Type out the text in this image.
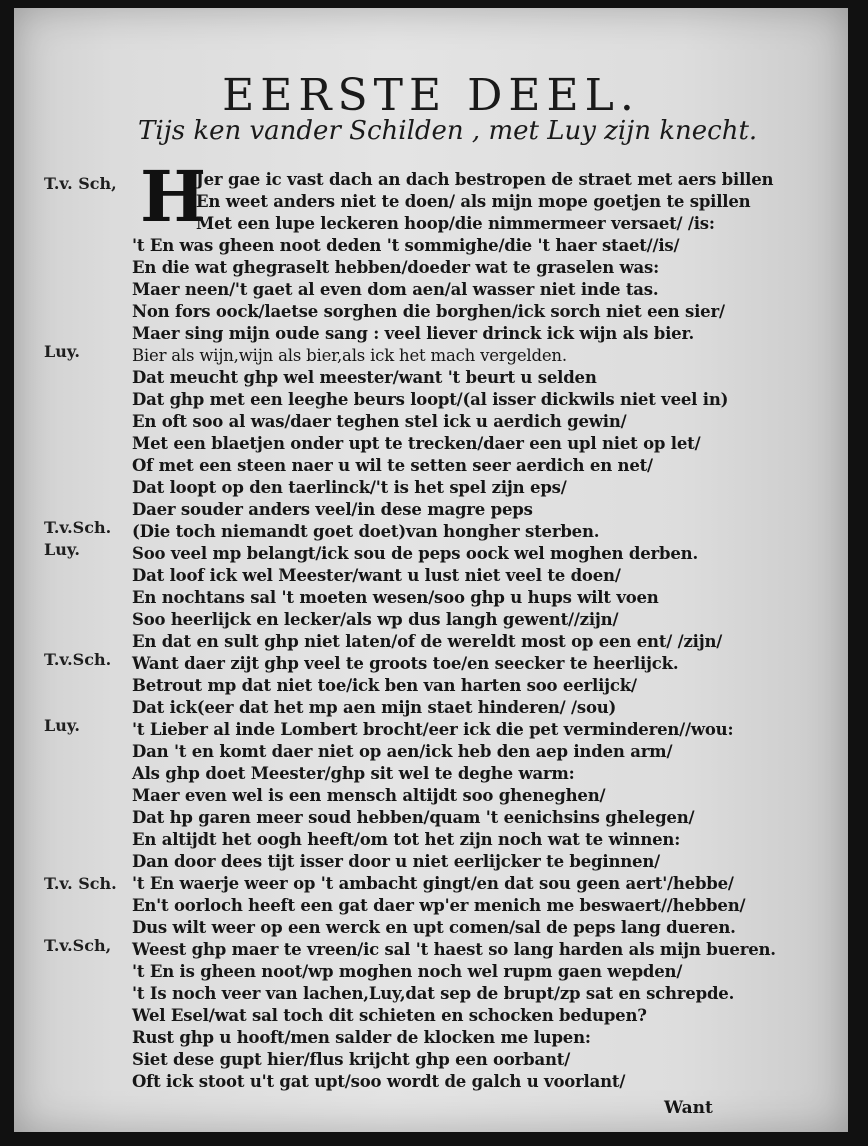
EERSTE DEEL.
Tijs ken vander Schilden , met Luy zijn knecht.
T.v. Sch,
Luy.
T.v.Sch.
Luy.
T.v.Sch.
Luy.
T.v. Sch.
T.v.Sch,
H
Jer gae ic vast dach an dach bestropen de straet met aers billen
En weet anders niet te doen/ als mijn mope goetjen te spillen
Met een lupe leckeren hoop/die nimmermeer versaet/ /is:
't En was gheen noot deden 't sommighe/die 't haer staet//is/
En die wat ghegraselt hebben/doeder wat te graselen was:
Maer neen/'t gaet al even dom aen/al wasser niet inde tas.
Non fors oock/laetse sorghen die borghen/ick sorch niet een sier/
Maer sing mijn oude sang : veel liever drinck ick wijn als bier.
Bier als wijn,wijn als bier,als ick het mach vergelden.
Dat meucht ghp wel meester/want 't beurt u selden
Dat ghp met een leeghe beurs loopt/(al isser dickwils niet veel in)
En oft soo al was/daer teghen stel ick u aerdich gewin/
Met een blaetjen onder upt te trecken/daer een upl niet op let/
Of met een steen naer u wil te setten seer aerdich en net/
Dat loopt op den taerlinck/'t is het spel zijn eps/
Daer souder anders veel/in dese magre peps
(Die toch niemandt goet doet)van hongher sterben.
Soo veel mp belangt/ick sou de peps oock wel moghen derben.
Dat loof ick wel Meester/want u lust niet veel te doen/
En nochtans sal 't moeten wesen/soo ghp u hups wilt voen
Soo heerlijck en lecker/als wp dus langh gewent//zijn/
En dat en sult ghp niet laten/of de wereldt most op een ent/ /zijn/
Want daer zijt ghp veel te groots toe/en seecker te heerlijck.
Betrout mp dat niet toe/ick ben van harten soo eerlijck/
Dat ick(eer dat het mp aen mijn staet hinderen/ /sou)
't Lieber al inde Lombert brocht/eer ick die pet verminderen//wou:
Dan 't en komt daer niet op aen/ick heb den aep inden arm/
Als ghp doet Meester/ghp sit wel te deghe warm:
Maer even wel is een mensch altijdt soo gheneghen/
Dat hp garen meer soud hebben/quam 't eenichsins ghelegen/
En altijdt het oogh heeft/om tot het zijn noch wat te winnen:
Dan door dees tijt isser door u niet eerlijcker te beginnen/
't En waerje weer op 't ambacht gingt/en dat sou geen aert'/hebbe/
En't oorloch heeft een gat daer wp'er menich me beswaert//hebben/
Dus wilt weer op een werck en upt comen/sal de peps lang dueren.
Weest ghp maer te vreen/ic sal 't haest so lang harden als mijn bueren.
't En is gheen noot/wp moghen noch wel rupm gaen wepden/
't Is noch veer van lachen,Luy,dat sep de brupt/zp sat en schrepde.
Wel Esel/wat sal toch dit schieten en schocken bedupen?
Rust ghp u hooft/men salder de klocken me lupen:
Siet dese gupt hier/flus krijcht ghp een oorbant/
Oft ick stoot u't gat upt/soo wordt de galch u voorlant/
Want
